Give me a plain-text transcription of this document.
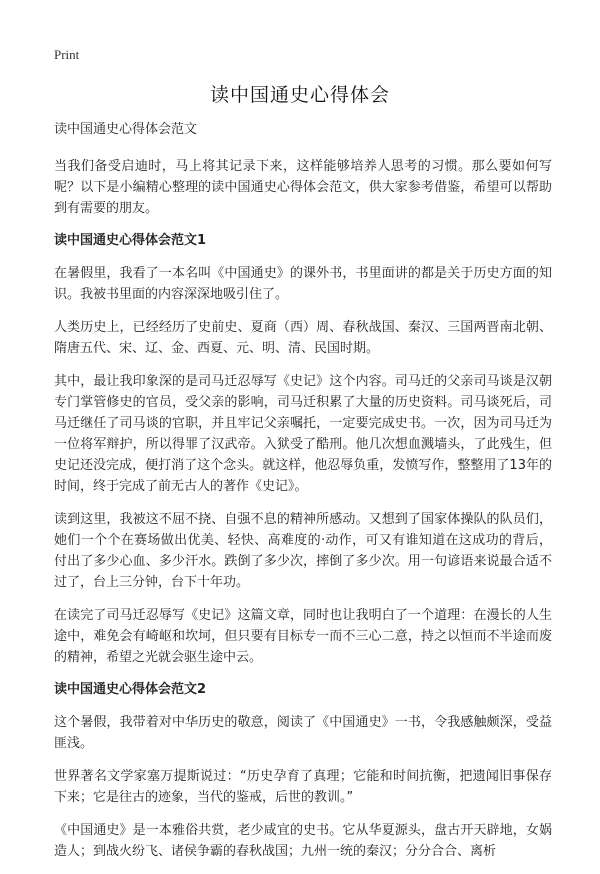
Print
读中国通史心得体会
读中国通史心得体会范文

当我们备受启迪时，马上将其记录下来，这样能够培养人思考的习惯。那么要如何写呢？以下是小编精心整理的读中国通史心得体会范文，供大家参考借鉴，希望可以帮助到有需要的朋友。

读中国通史心得体会范文1

在暑假里，我看了一本名叫《中国通史》的课外书，书里面讲的都是关于历史方面的知识。我被书里面的内容深深地吸引住了。

人类历史上，已经经历了史前史、夏商（西）周、春秋战国、秦汉、三国两晋南北朝、隋唐五代、宋、辽、金、西夏、元、明、清、民国时期。

其中，最让我印象深的是司马迁忍辱写《史记》这个内容。司马迁的父亲司马谈是汉朝专门掌管修史的官员，受父亲的影响，司马迁积累了大量的历史资料。司马谈死后，司马迁继任了司马谈的官职，并且牢记父亲嘱托，一定要完成史书。一次，因为司马迁为一位将军辩护，所以得罪了汉武帝。入狱受了酷刑。他几次想血溅墙头，了此残生，但史记还没完成，便打消了这个念头。就这样，他忍辱负重，发愤写作，整整用了13年的时间，终于完成了前无古人的著作《史记》。

读到这里，我被这不屈不挠、自强不息的精神所感动。又想到了国家体操队的队员们，她们一个个在赛场做出优美、轻快、高难度的·动作，可又有谁知道在这成功的背后，付出了多少心血、多少汗水。跌倒了多少次，摔倒了多少次。用一句谚语来说最合适不过了，台上三分钟，台下十年功。

在读完了司马迁忍辱写《史记》这篇文章，同时也让我明白了一个道理：在漫长的人生途中，难免会有崎岖和坎坷，但只要有目标专一而不三心二意，持之以恒而不半途而废的精神，希望之光就会驱生途中云。

读中国通史心得体会范文2

这个暑假，我带着对中华历史的敬意，阅读了《中国通史》一书，令我感触颇深，受益匪浅。

世界著名文学家塞万提斯说过：“历史孕育了真理；它能和时间抗衡，把遗闻旧事保存下来；它是往古的迹象，当代的鉴戒，后世的教训。”

《中国通史》是一本雅俗共赏，老少咸宜的史书。它从华夏源头，盘古开天辟地，女娲造人；到战火纷飞、诸侯争霸的春秋战国；九州一统的秦汉；分分合合、离析
